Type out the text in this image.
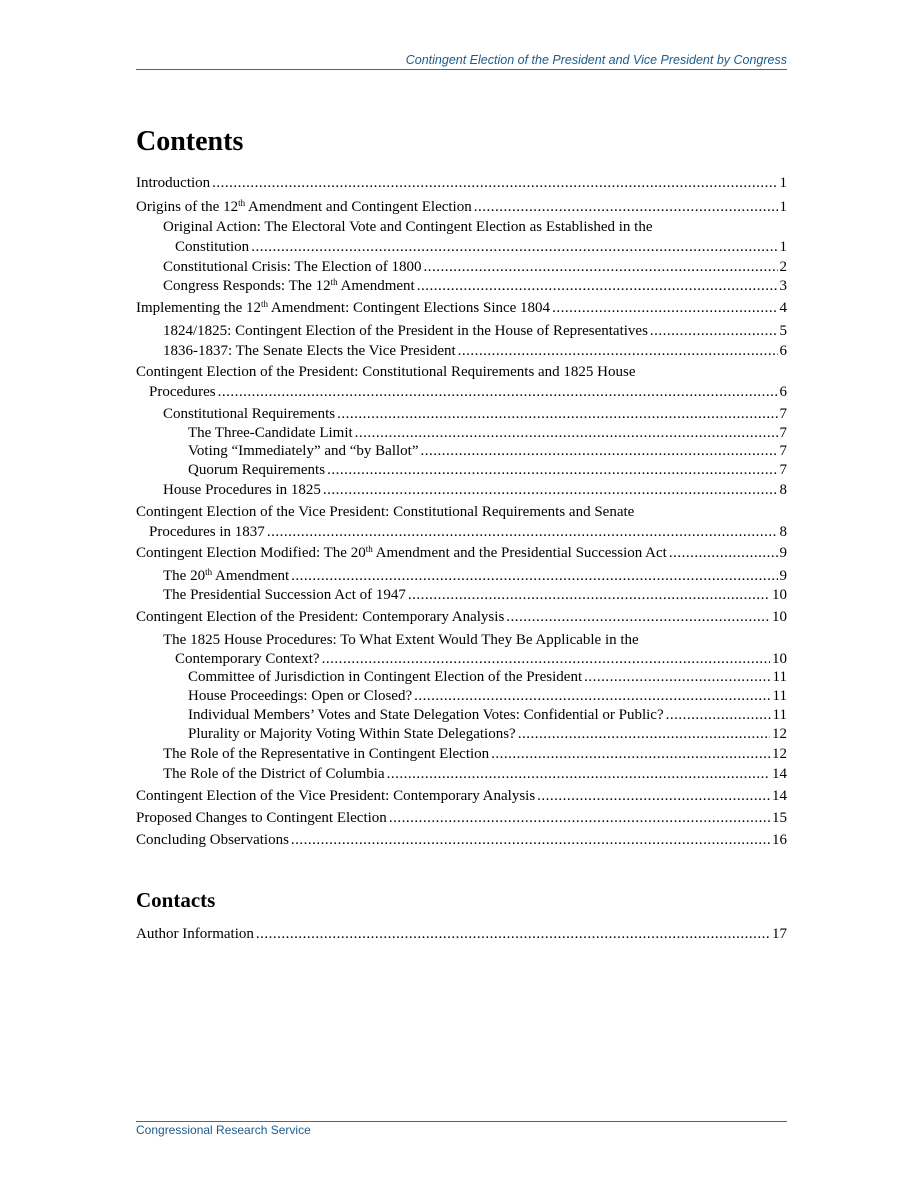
Contingent Election of the President and Vice President by Congress
Contents
Introduction .....	1
Origins of the 12th Amendment and Contingent Election .....	1
Original Action: The Electoral Vote and Contingent Election as Established in the
Constitution .....	1
Constitutional Crisis: The Election of 1800 .....	2
Congress Responds: The 12th Amendment .....	3
Implementing the 12th Amendment: Contingent Elections Since 1804 .....	4
1824/1825: Contingent Election of the President in the House of Representatives .....	5
1836-1837: The Senate Elects the Vice President .....	6
Contingent Election of the President: Constitutional Requirements and 1825 House
Procedures .....	6
Constitutional Requirements .....	7
The Three-Candidate Limit .....	7
Voting “Immediately” and “by Ballot” .....	7
Quorum Requirements .....	7
House Procedures in 1825 .....	8
Contingent Election of the Vice President: Constitutional Requirements and Senate
Procedures in 1837 .....	8
Contingent Election Modified: The 20th Amendment and the Presidential Succession Act .....	9
The 20th Amendment .....	9
The Presidential Succession Act of 1947 .....	10
Contingent Election of the President: Contemporary Analysis .....	10
The 1825 House Procedures: To What Extent Would They Be Applicable in the
Contemporary Context? .....	10
Committee of Jurisdiction in Contingent Election of the President .....	11
House Proceedings: Open or Closed? .....	11
Individual Members’ Votes and State Delegation Votes: Confidential or Public? .....	11
Plurality or Majority Voting Within State Delegations? .....	12
The Role of the Representative in Contingent Election .....	12
The Role of the District of Columbia .....	14
Contingent Election of the Vice President: Contemporary Analysis .....	14
Proposed Changes to Contingent Election .....	15
Concluding Observations .....	16
Author Information .....	17
Contacts
Congressional Research Service
